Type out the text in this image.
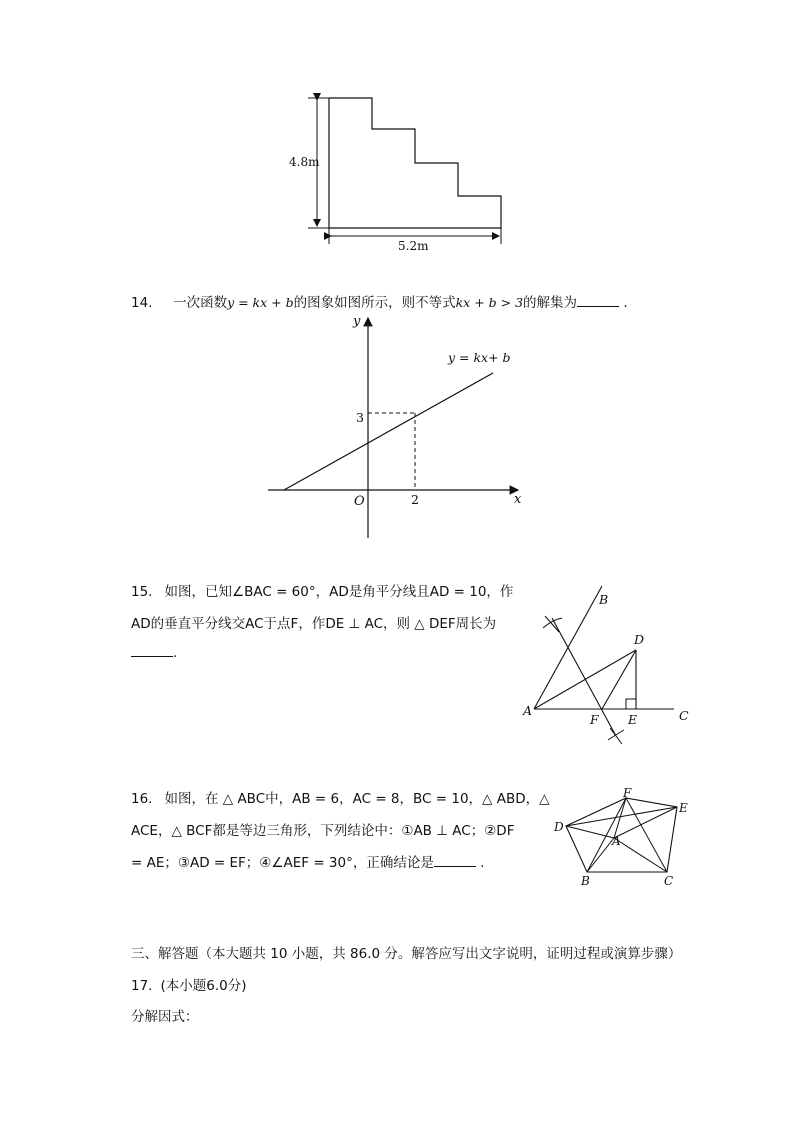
4.8m
5.2m
14. 一次函数y = kx + b的图象如图所示，则不等式kx + b > 3的解集为	.
y
x
O
3
2
y = kx+ b
15. 如图，已知∠BAC = 60°，AD是角平分线且AD = 10，作
AD的垂直平分线交AC于点F，作DE ⊥ AC，则 △ DEF周长为
.
B
D
A
F E	C
16. 如图，在 △ ABC中，AB = 6，AC = 8，BC = 10，△ ABD，△
ACE，△ BCF都是等边三角形，下列结论中：①AB ⊥ AC；②DF
= AE；③AD = EF；④∠AEF = 30°，正确结论是	.
F
E
D
A
B	C
三、解答题（本大题共 10 小题，共 86.0 分。解答应写出文字说明，证明过程或演算步骤）
17. (本小题6.0分)
分解因式：
